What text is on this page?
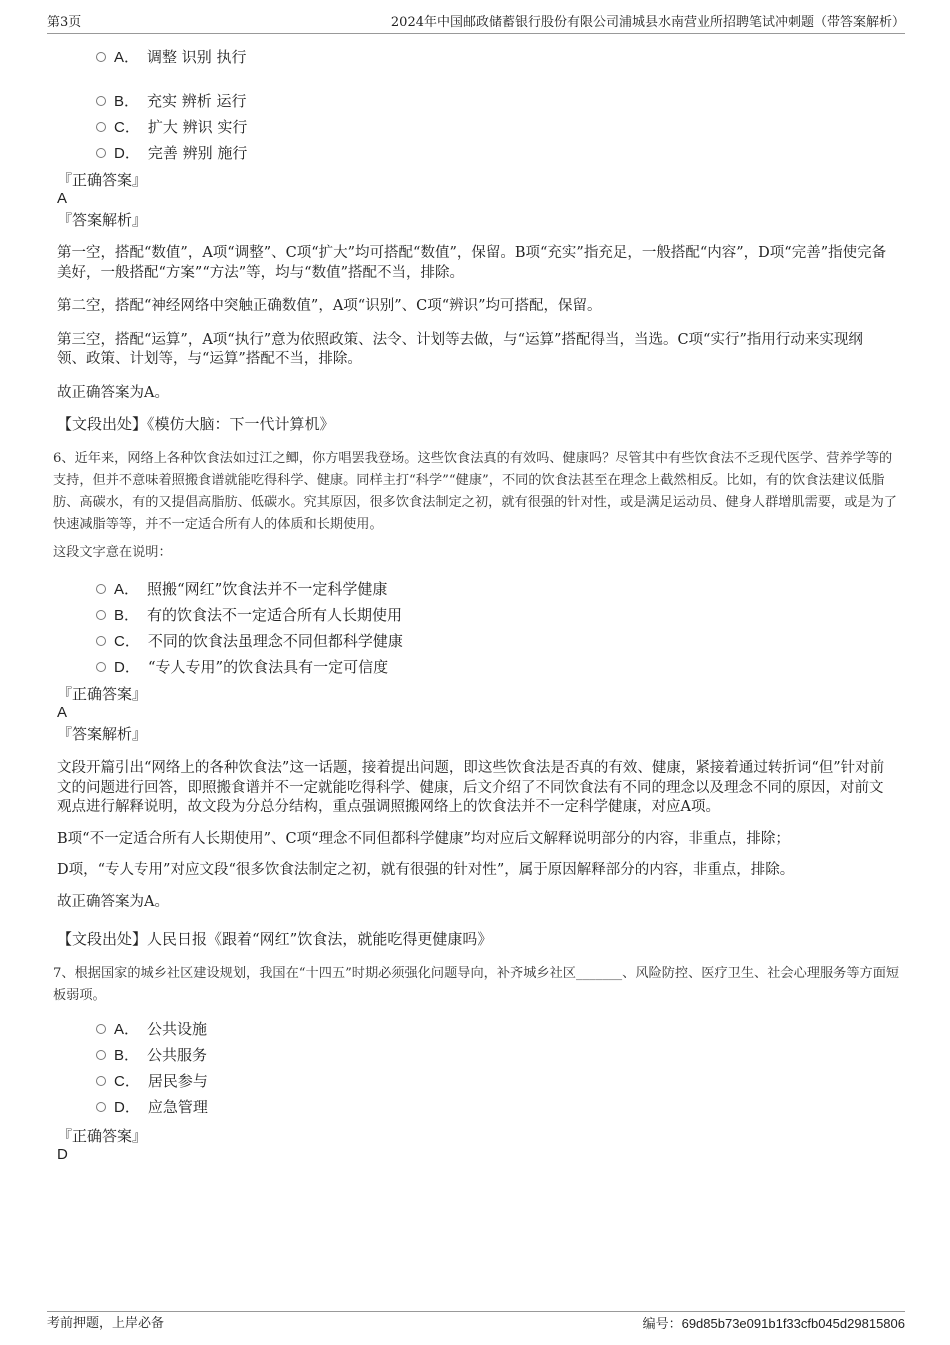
第3页	2024年中国邮政储蓄银行股份有限公司浦城县水南营业所招聘笔试冲刺题（带答案解析）
A． 调整 识别 执行
B． 充实 辨析 运行
C． 扩大 辨识 实行
D． 完善 辨别 施行
『正确答案』
A
『答案解析』

第一空，搭配“数值”，A项“调整”、C项“扩大”均可搭配“数值”，保留。B项“充实”指充足，一般搭配“内容”，D项“完善”指使完备美好，一般搭配“方案”“方法”等，均与“数值”搭配不当，排除。

第二空，搭配“神经网络中突触正确数值”，A项“识别”、C项“辨识”均可搭配，保留。

第三空，搭配“运算”，A项“执行”意为依照政策、法令、计划等去做，与“运算”搭配得当，当选。C项“实行”指用行动来实现纲领、政策、计划等，与“运算”搭配不当，排除。

故正确答案为A。

【文段出处】《模仿大脑：下一代计算机》

6、近年来，网络上各种饮食法如过江之鲫，你方唱罢我登场。这些饮食法真的有效吗、健康吗？尽管其中有些饮食法不乏现代医学、营养学等的支持，但并不意味着照搬食谱就能吃得科学、健康。同样主打“科学”“健康”，不同的饮食法甚至在理念上截然相反。比如，有的饮食法建议低脂肪、高碳水，有的又提倡高脂肪、低碳水。究其原因，很多饮食法制定之初，就有很强的针对性，或是满足运动员、健身人群增肌需要，或是为了快速减脂等等，并不一定适合所有人的体质和长期使用。

这段文字意在说明：

A． 照搬“网红”饮食法并不一定科学健康
B． 有的饮食法不一定适合所有人长期使用
C． 不同的饮食法虽理念不同但都科学健康
D． “专人专用”的饮食法具有一定可信度
『正确答案』
A
『答案解析』

文段开篇引出“网络上的各种饮食法”这一话题，接着提出问题，即这些饮食法是否真的有效、健康，紧接着通过转折词“但”针对前文的问题进行回答，即照搬食谱并不一定就能吃得科学、健康，后文介绍了不同饮食法有不同的理念以及理念不同的原因，对前文观点进行解释说明，故文段为分总分结构，重点强调照搬网络上的饮食法并不一定科学健康，对应A项。

B项“不一定适合所有人长期使用”、C项“理念不同但都科学健康”均对应后文解释说明部分的内容，非重点，排除；

D项，“专人专用”对应文段“很多饮食法制定之初，就有很强的针对性”，属于原因解释部分的内容，非重点，排除。

故正确答案为A。

【文段出处】人民日报《跟着“网红”饮食法，就能吃得更健康吗》

7、根据国家的城乡社区建设规划，我国在“十四五”时期必须强化问题导向，补齐城乡社区_______、风险防控、医疗卫生、社会心理服务等方面短板弱项。

A． 公共设施
B． 公共服务
C． 居民参与
D． 应急管理
『正确答案』
D
考前押题，上岸必备	编号：69d85b73e091b1f33cfb045d29815806
